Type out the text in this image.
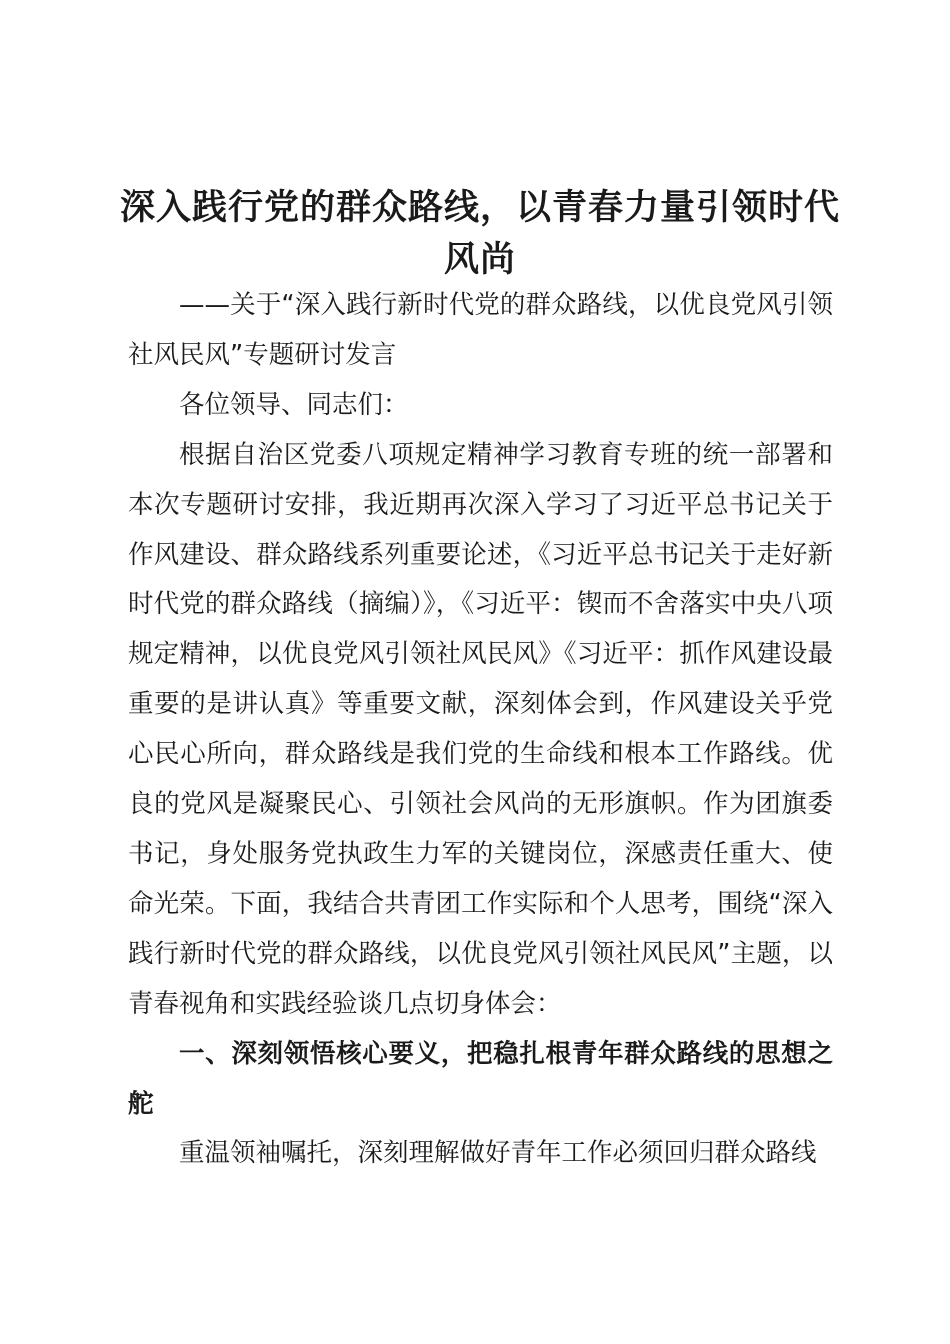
深入践行党的群众路线，以青春力量引领时代
风尚

——关于“深入践行新时代党的群众路线，以优良党风引领社风民风”专题研讨发言

各位领导、同志们：

根据自治区党委八项规定精神学习教育专班的统一部署和本次专题研讨安排，我近期再次深入学习了习近平总书记关于作风建设、群众路线系列重要论述，《习近平总书记关于走好新时代党的群众路线（摘编）》，《习近平：锲而不舍落实中央八项规定精神，以优良党风引领社风民风》《习近平：抓作风建设最重要的是讲认真》等重要文献，深刻体会到，作风建设关乎党心民心所向，群众路线是我们党的生命线和根本工作路线。优良的党风是凝聚民心、引领社会风尚的无形旗帜。作为团旗委书记，身处服务党执政生力军的关键岗位，深感责任重大、使命光荣。下面，我结合共青团工作实际和个人思考，围绕“深入践行新时代党的群众路线，以优良党风引领社风民风”主题，以青春视角和实践经验谈几点切身体会：

一、深刻领悟核心要义，把稳扎根青年群众路线的思想之舵

重温领袖嘱托，深刻理解做好青年工作必须回归群众路线
